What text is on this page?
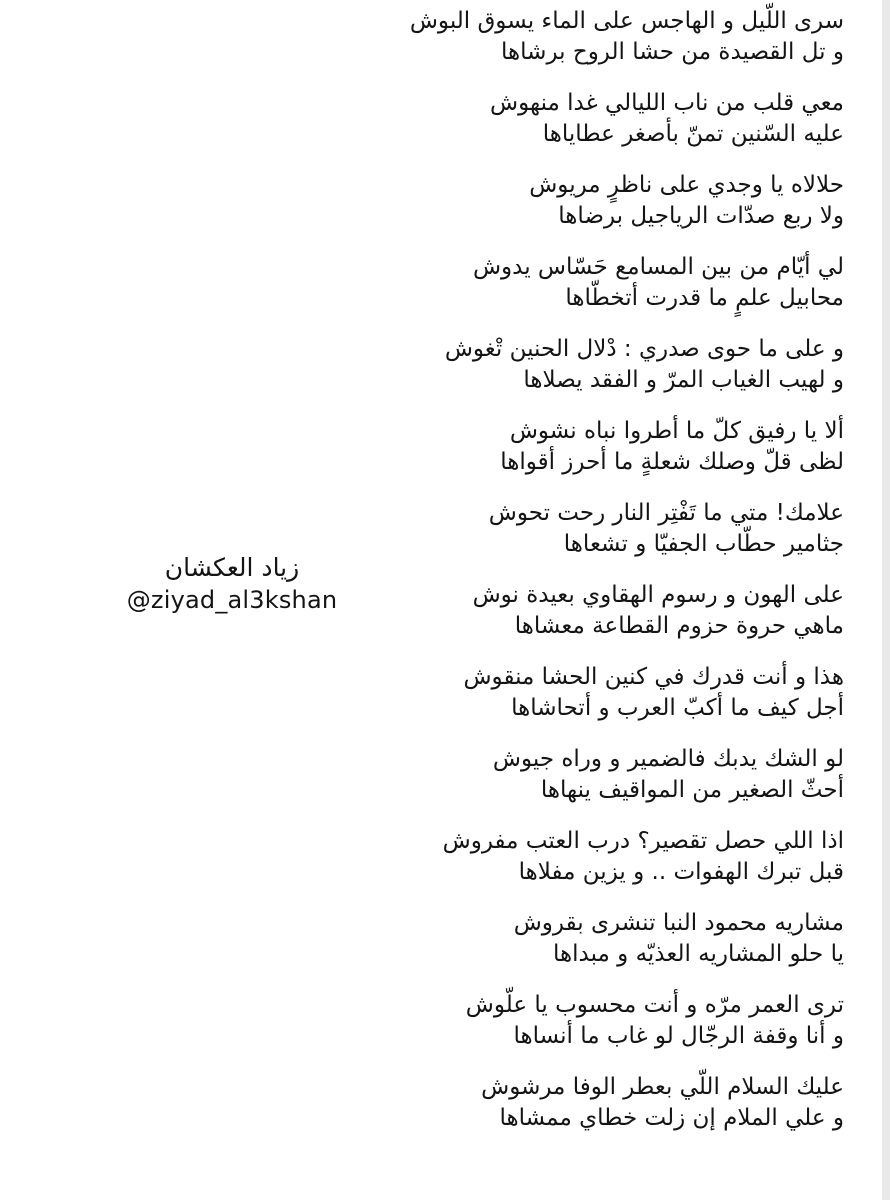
سرى اللّيل و الهاجس على الماء يسوق البوش
و تل القصيدة من حشا الروح برشاها
معي قلب من ناب الليالي غدا منهوش
عليه السّنين تمنّ بأصغر عطاياها
حلالاه يا وجدي على ناظرٍ مريوش
ولا ربع صدّات الرياجيل برضاها
لي أيّام من بين المسامع حَسّاس يدوش
محابيل علمٍ ما قدرت أتخطّاها
و على ما حوى صدري : دْلال الحنين تْغوش
و لهيب الغياب المرّ و الفقد يصلاها
ألا يا رفيق كلّ ما أطروا نباه نشوش
لظى قلّ وصلك شعلةٍ ما أحرز أقواها
علامك! متي ما تَفْتِر النار رحت تحوش
جثامير حطّاب الجفيّا و تشعاها
على الهون و رسوم الهقاوي بعيدة نوش
ماهي حروة حزوم القطاعة معشاها
هذا و أنت قدرك في كنين الحشا منقوش
أجل كيف ما أكبّ العرب و أتحاشاها
لو الشك يدبك فالضمير و وراه جيوش
أحثّ الصغير من المواقيف ينهاها
اذا اللي حصل تقصير؟ درب العتب مفروش
قبل تبرك الهفوات .. و يزين مفلاها
مشاريه محمود النبا تنشرى بقروش
يا حلو المشاريه العذيّه و مبداها
ترى العمر مرّه و أنت محسوب يا علّوش
و أنا وقفة الرجّال لو غاب ما أنساها
عليك السلام اللّي بعطر الوفا مرشوش
و علي الملام إن زلت خطاي ممشاها
زياد العكشان
@ziyad_al3kshan
